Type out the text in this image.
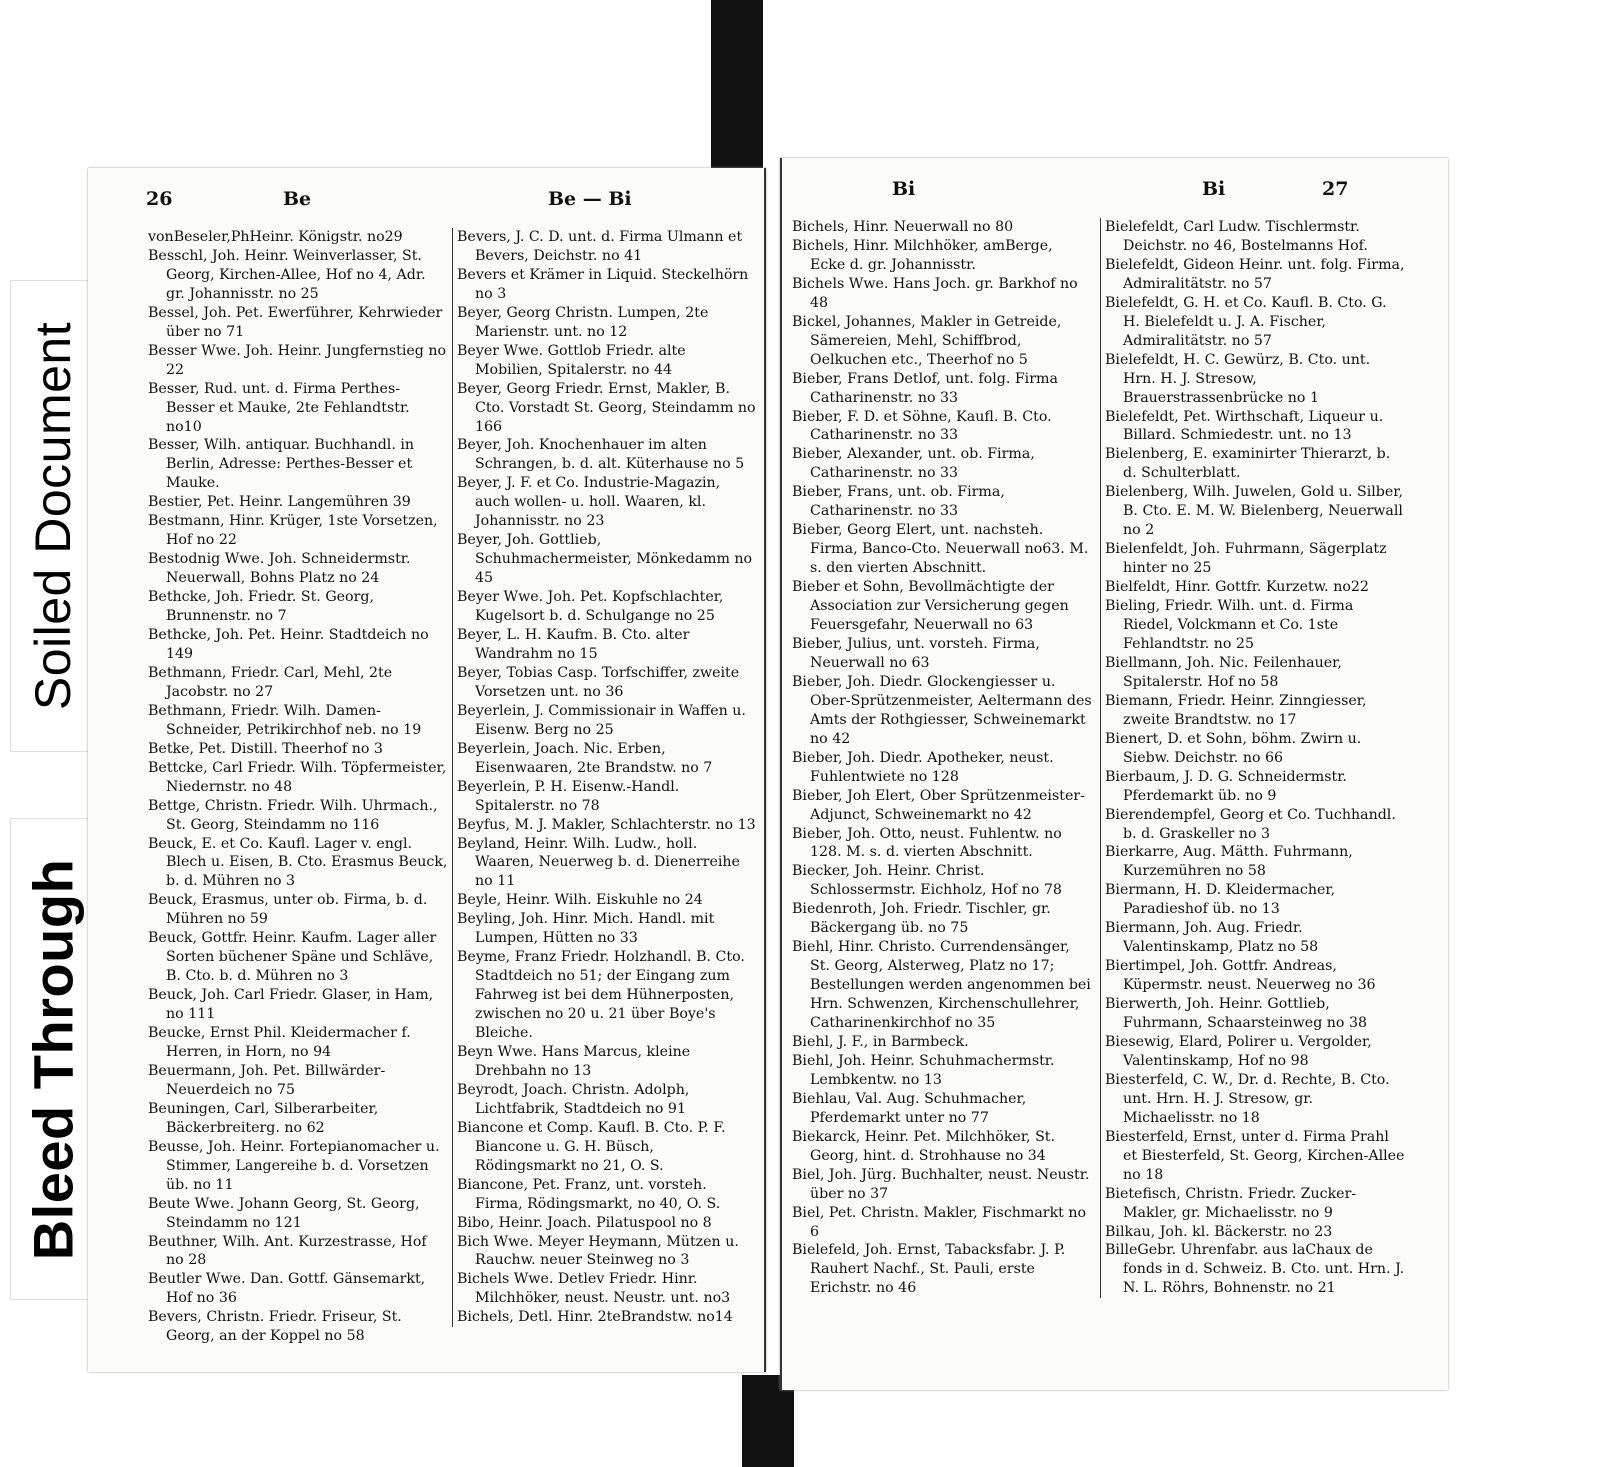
Soiled Document
Bleed Through
26	Be	Be — Bi

vonBeseler,PhHeinr. Königstr. no29

Besschl, Joh. Heinr. Weinverlasser, St. Georg, Kirchen-Allee, Hof no 4, Adr. gr. Johannisstr. no 25

Bessel, Joh. Pet. Ewerführer, Kehrwieder über no 71

Besser Wwe. Joh. Heinr. Jungfernstieg no 22

Besser, Rud. unt. d. Firma Perthes-Besser et Mauke, 2te Fehlandtstr. no10

Besser, Wilh. antiquar. Buchhandl. in Berlin, Adresse: Perthes-Besser et Mauke.

Bestier, Pet. Heinr. Langemühren 39

Bestmann, Hinr. Krüger, 1ste Vorsetzen, Hof no 22

Bestodnig Wwe. Joh. Schneidermstr. Neuerwall, Bohns Platz no 24

Bethcke, Joh. Friedr. St. Georg, Brunnenstr. no 7

Bethcke, Joh. Pet. Heinr. Stadtdeich no 149

Bethmann, Friedr. Carl, Mehl, 2te Jacobstr. no 27

Bethmann, Friedr. Wilh. Damen-Schneider, Petrikirchhof neb. no 19

Betke, Pet. Distill. Theerhof no 3

Bettcke, Carl Friedr. Wilh. Töpfermeister, Niedernstr. no 48

Bettge, Christn. Friedr. Wilh. Uhrmach., St. Georg, Steindamm no 116

Beuck, E. et Co. Kaufl. Lager v. engl. Blech u. Eisen, B. Cto. Erasmus Beuck, b. d. Mühren no 3

Beuck, Erasmus, unter ob. Firma, b. d. Mühren no 59

Beuck, Gottfr. Heinr. Kaufm. Lager aller Sorten büchener Späne und Schläve, B. Cto. b. d. Mühren no 3

Beuck, Joh. Carl Friedr. Glaser, in Ham, no 111

Beucke, Ernst Phil. Kleidermacher f. Herren, in Horn, no 94

Beuermann, Joh. Pet. Billwärder-Neuerdeich no 75

Beuningen, Carl, Silberarbeiter, Bäckerbreiterg. no 62

Beusse, Joh. Heinr. Fortepianomacher u. Stimmer, Langereihe b. d. Vorsetzen üb. no 11

Beute Wwe. Johann Georg, St. Georg, Steindamm no 121

Beuthner, Wilh. Ant. Kurzestrasse, Hof no 28

Beutler Wwe. Dan. Gottf. Gänsemarkt, Hof no 36

Bevers, Christn. Friedr. Friseur, St. Georg, an der Koppel no 58

Bevers, J. C. D. unt. d. Firma Ulmann et Bevers, Deichstr. no 41

Bevers et Krämer in Liquid. Steckelhörn no 3

Beyer, Georg Christn. Lumpen, 2te Marienstr. unt. no 12

Beyer Wwe. Gottlob Friedr. alte Mobilien, Spitalerstr. no 44

Beyer, Georg Friedr. Ernst, Makler, B. Cto. Vorstadt St. Georg, Steindamm no 166

Beyer, Joh. Knochenhauer im alten Schrangen, b. d. alt. Küterhause no 5

Beyer, J. F. et Co. Industrie-Magazin, auch wollen- u. holl. Waaren, kl. Johannisstr. no 23

Beyer, Joh. Gottlieb, Schuhmachermeister, Mönkedamm no 45

Beyer Wwe. Joh. Pet. Kopfschlachter, Kugelsort b. d. Schulgange no 25

Beyer, L. H. Kaufm. B. Cto. alter Wandrahm no 15

Beyer, Tobias Casp. Torfschiffer, zweite Vorsetzen unt. no 36

Beyerlein, J. Commissionair in Waffen u. Eisenw. Berg no 25

Beyerlein, Joach. Nic. Erben, Eisenwaaren, 2te Brandstw. no 7

Beyerlein, P. H. Eisenw.-Handl. Spitalerstr. no 78

Beyfus, M. J. Makler, Schlachterstr. no 13

Beyland, Heinr. Wilh. Ludw., holl. Waaren, Neuerweg b. d. Dienerreihe no 11

Beyle, Heinr. Wilh. Eiskuhle no 24

Beyling, Joh. Hinr. Mich. Handl. mit Lumpen, Hütten no 33

Beyme, Franz Friedr. Holzhandl. B. Cto. Stadtdeich no 51; der Eingang zum Fahrweg ist bei dem Hühnerposten, zwischen no 20 u. 21 über Boye's Bleiche.

Beyn Wwe. Hans Marcus, kleine Drehbahn no 13

Beyrodt, Joach. Christn. Adolph, Lichtfabrik, Stadtdeich no 91

Biancone et Comp. Kaufl. B. Cto. P. F. Biancone u. G. H. Büsch, Rödingsmarkt no 21, O. S.

Biancone, Pet. Franz, unt. vorsteh. Firma, Rödingsmarkt, no 40, O. S.

Bibo, Heinr. Joach. Pilatuspool no 8

Bich Wwe. Meyer Heymann, Mützen u. Rauchw. neuer Steinweg no 3

Bichels Wwe. Detlev Friedr. Hinr. Milchhöker, neust. Neustr. unt. no3

Bichels, Detl. Hinr. 2teBrandstw. no14

Bi	Bi	27

Bichels, Hinr. Neuerwall no 80

Bichels, Hinr. Milchhöker, amBerge, Ecke d. gr. Johannisstr.

Bichels Wwe. Hans Joch. gr. Barkhof no 48

Bickel, Johannes, Makler in Getreide, Sämereien, Mehl, Schiffbrod, Oelkuchen etc., Theerhof no 5

Bieber, Frans Detlof, unt. folg. Firma Catharinenstr. no 33

Bieber, F. D. et Söhne, Kaufl. B. Cto. Catharinenstr. no 33

Bieber, Alexander, unt. ob. Firma, Catharinenstr. no 33

Bieber, Frans, unt. ob. Firma, Catharinenstr. no 33

Bieber, Georg Elert, unt. nachsteh. Firma, Banco-Cto. Neuerwall no63. M. s. den vierten Abschnitt.

Bieber et Sohn, Bevollmächtigte der Association zur Versicherung gegen Feuersgefahr, Neuerwall no 63

Bieber, Julius, unt. vorsteh. Firma, Neuerwall no 63

Bieber, Joh. Diedr. Glockengiesser u. Ober-Sprützenmeister, Aeltermann des Amts der Rothgiesser, Schweinemarkt no 42

Bieber, Joh. Diedr. Apotheker, neust. Fuhlentwiete no 128

Bieber, Joh Elert, Ober Sprützenmeister-Adjunct, Schweinemarkt no 42

Bieber, Joh. Otto, neust. Fuhlentw. no 128. M. s. d. vierten Abschnitt.

Biecker, Joh. Heinr. Christ. Schlossermstr. Eichholz, Hof no 78

Biedenroth, Joh. Friedr. Tischler, gr. Bäckergang üb. no 75

Biehl, Hinr. Christo. Currendensänger, St. Georg, Alsterweg, Platz no 17; Bestellungen werden angenommen bei Hrn. Schwenzen, Kirchenschullehrer, Catharinenkirchhof no 35

Biehl, J. F., in Barmbeck.

Biehl, Joh. Heinr. Schuhmachermstr. Lembkentw. no 13

Biehlau, Val. Aug. Schuhmacher, Pferdemarkt unter no 77

Biekarck, Heinr. Pet. Milchhöker, St. Georg, hint. d. Strohhause no 34

Biel, Joh. Jürg. Buchhalter, neust. Neustr. über no 37

Biel, Pet. Christn. Makler, Fischmarkt no 6

Bielefeld, Joh. Ernst, Tabacksfabr. J. P. Rauhert Nachf., St. Pauli, erste Erichstr. no 46

Bielefeldt, Carl Ludw. Tischlermstr. Deichstr. no 46, Bostelmanns Hof.

Bielefeldt, Gideon Heinr. unt. folg. Firma, Admiralitätstr. no 57

Bielefeldt, G. H. et Co. Kaufl. B. Cto. G. H. Bielefeldt u. J. A. Fischer, Admiralitätstr. no 57

Bielefeldt, H. C. Gewürz, B. Cto. unt. Hrn. H. J. Stresow, Brauerstrassenbrücke no 1

Bielefeldt, Pet. Wirthschaft, Liqueur u. Billard. Schmiedestr. unt. no 13

Bielenberg, E. examinirter Thierarzt, b. d. Schulterblatt.

Bielenberg, Wilh. Juwelen, Gold u. Silber, B. Cto. E. M. W. Bielenberg, Neuerwall no 2

Bielenfeldt, Joh. Fuhrmann, Sägerplatz hinter no 25

Bielfeldt, Hinr. Gottfr. Kurzetw. no22

Bieling, Friedr. Wilh. unt. d. Firma Riedel, Volckmann et Co. 1ste Fehlandtstr. no 25

Biellmann, Joh. Nic. Feilenhauer, Spitalerstr. Hof no 58

Biemann, Friedr. Heinr. Zinngiesser, zweite Brandtstw. no 17

Bienert, D. et Sohn, böhm. Zwirn u. Siebw. Deichstr. no 66

Bierbaum, J. D. G. Schneidermstr. Pferdemarkt üb. no 9

Bierendempfel, Georg et Co. Tuchhandl. b. d. Graskeller no 3

Bierkarre, Aug. Mätth. Fuhrmann, Kurzemühren no 58

Biermann, H. D. Kleidermacher, Paradieshof üb. no 13

Biermann, Joh. Aug. Friedr. Valentinskamp, Platz no 58

Biertimpel, Joh. Gottfr. Andreas, Küpermstr. neust. Neuerweg no 36

Bierwerth, Joh. Heinr. Gottlieb, Fuhrmann, Schaarsteinweg no 38

Biesewig, Elard, Polirer u. Vergolder, Valentinskamp, Hof no 98

Biesterfeld, C. W., Dr. d. Rechte, B. Cto. unt. Hrn. H. J. Stresow, gr. Michaelisstr. no 18

Biesterfeld, Ernst, unter d. Firma Prahl et Biesterfeld, St. Georg, Kirchen-Allee no 18

Bietefisch, Christn. Friedr. Zucker-Makler, gr. Michaelisstr. no 9

Bilkau, Joh. kl. Bäckerstr. no 23

BilleGebr. Uhrenfabr. aus laChaux de fonds in d. Schweiz. B. Cto. unt. Hrn. J. N. L. Röhrs, Bohnenstr. no 21
